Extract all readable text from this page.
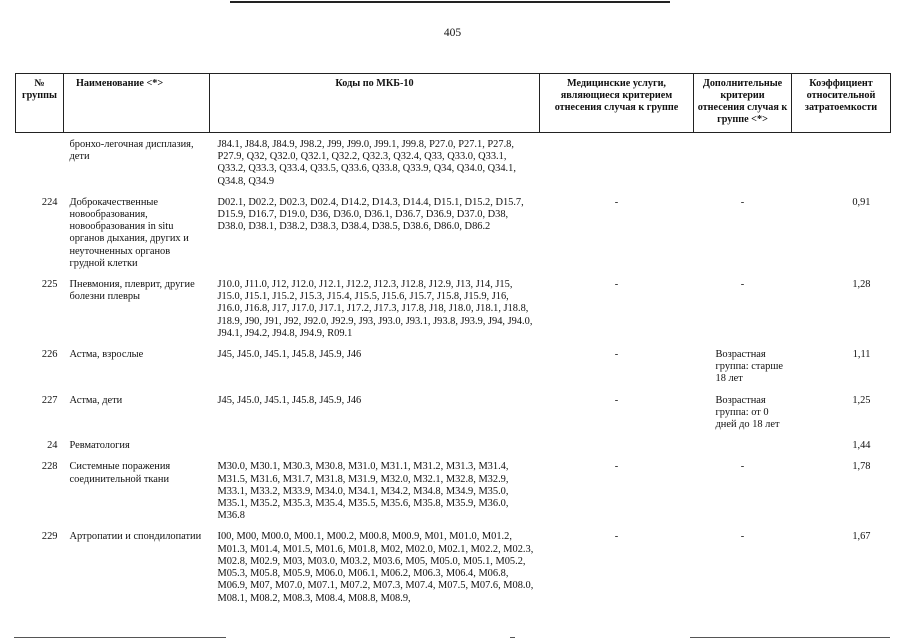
405
№ группы	Наименование <*>	Коды по МКБ-10	Медицинские услуги, являющиеся критерием отнесения случая к группе	Дополнительные критерии отнесения случая к группе <*>	Коэффициент относительной затратоемкости
	бронхо-легочная дисплазия, дети	J84.1, J84.8, J84.9, J98.2, J99, J99.0, J99.1, J99.8, P27.0, P27.1, P27.8, P27.9, Q32, Q32.0, Q32.1, Q32.2, Q32.3, Q32.4, Q33, Q33.0, Q33.1, Q33.2, Q33.3, Q33.4, Q33.5, Q33.6, Q33.8, Q33.9, Q34, Q34.0, Q34.1, Q34.8, Q34.9			

224	Доброкачественные новообразования, новообразования in situ органов дыхания, других и неуточненных органов грудной клетки	D02.1, D02.2, D02.3, D02.4, D14.2, D14.3, D14.4, D15.1, D15.2, D15.7, D15.9, D16.7, D19.0, D36, D36.0, D36.1, D36.7, D36.9, D37.0, D38, D38.0, D38.1, D38.2, D38.3, D38.4, D38.5, D38.6, D86.0, D86.2	-	-	0,91

225	Пневмония, плеврит, другие болезни плевры	J10.0, J11.0, J12, J12.0, J12.1, J12.2, J12.3, J12.8, J12.9, J13, J14, J15, J15.0, J15.1, J15.2, J15.3, J15.4, J15.5, J15.6, J15.7, J15.8, J15.9, J16, J16.0, J16.8, J17, J17.0, J17.1, J17.2, J17.3, J17.8, J18, J18.0, J18.1, J18.8, J18.9, J90, J91, J92, J92.0, J92.9, J93, J93.0, J93.1, J93.8, J93.9, J94, J94.0, J94.1, J94.2, J94.8, J94.9, R09.1	-	-	1,28

226	Астма, взрослые	J45, J45.0, J45.1, J45.8, J45.9, J46	-	Возрастная группа: старше 18 лет	1,11

227	Астма, дети	J45, J45.0, J45.1, J45.8, J45.9, J46	-	Возрастная группа: от 0 дней до 18 лет	1,25

24	Ревматология				1,44

228	Системные поражения соединительной ткани	M30.0, M30.1, M30.3, M30.8, M31.0, M31.1, M31.2, M31.3, M31.4, M31.5, M31.6, M31.7, M31.8, M31.9, M32.0, M32.1, M32.8, M32.9, M33.1, M33.2, M33.9, M34.0, M34.1, M34.2, M34.8, M34.9, M35.0, M35.1, M35.2, M35.3, M35.4, M35.5, M35.6, M35.8, M35.9, M36.0, M36.8	-	-	1,78

229	Артропатии и спондилопатии	I00, M00, M00.0, M00.1, M00.2, M00.8, M00.9, M01, M01.0, M01.2, M01.3, M01.4, M01.5, M01.6, M01.8, M02, M02.0, M02.1, M02.2, M02.3, M02.8, M02.9, M03, M03.0, M03.2, M03.6, M05, M05.0, M05.1, M05.2, M05.3, M05.8, M05.9, M06.0, M06.1, M06.2, M06.3, M06.4, M06.8, M06.9, M07, M07.0, M07.1, M07.2, M07.3, M07.4, M07.5, M07.6, M08.0, M08.1, M08.2, M08.3, M08.4, M08.8, M08.9,	-	-	1,67
